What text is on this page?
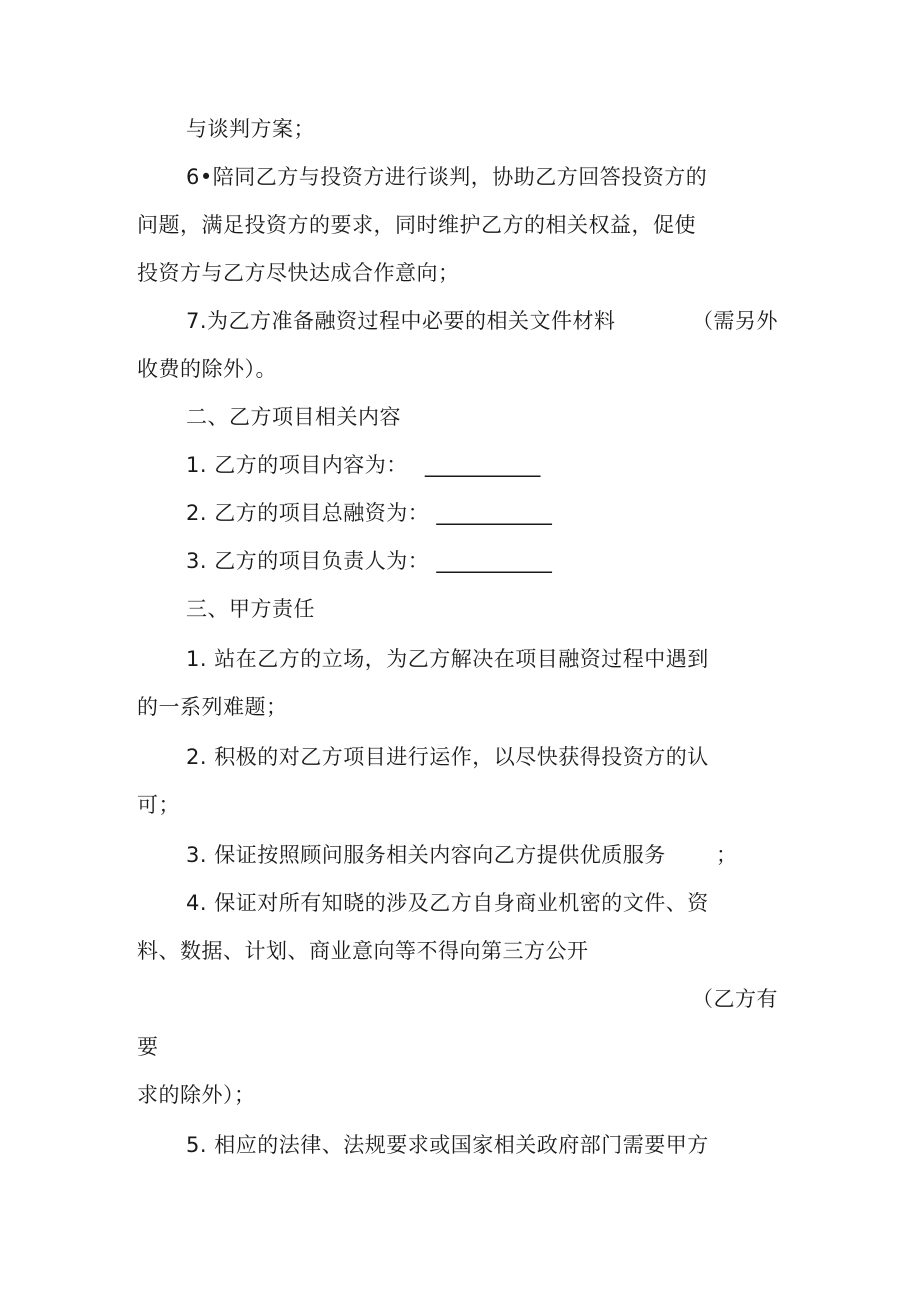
与谈判方案；
6•陪同乙方与投资方进行谈判，协助乙方回答投资方的
问题，满足投资方的要求，同时维护乙方的相关权益，促使
投资方与乙方尽快达成合作意向；
7.为乙方准备融资过程中必要的相关文件材料	（需另外
收费的除外）。
二、乙方项目相关内容
1. 乙方的项目内容为： ___________
2. 乙方的项目总融资为： ___________
3. 乙方的项目负责人为： ___________
三、甲方责任
1. 站在乙方的立场，为乙方解决在项目融资过程中遇到
的一系列难题；
2. 积极的对乙方项目进行运作，以尽快获得投资方的认
可；
3. 保证按照顾问服务相关内容向乙方提供优质服务 ；
4. 保证对所有知晓的涉及乙方自身商业机密的文件、资
料、数据、计划、商业意向等不得向第三方公开
（乙方有
要
求的除外）；
5. 相应的法律、法规要求或国家相关政府部门需要甲方
